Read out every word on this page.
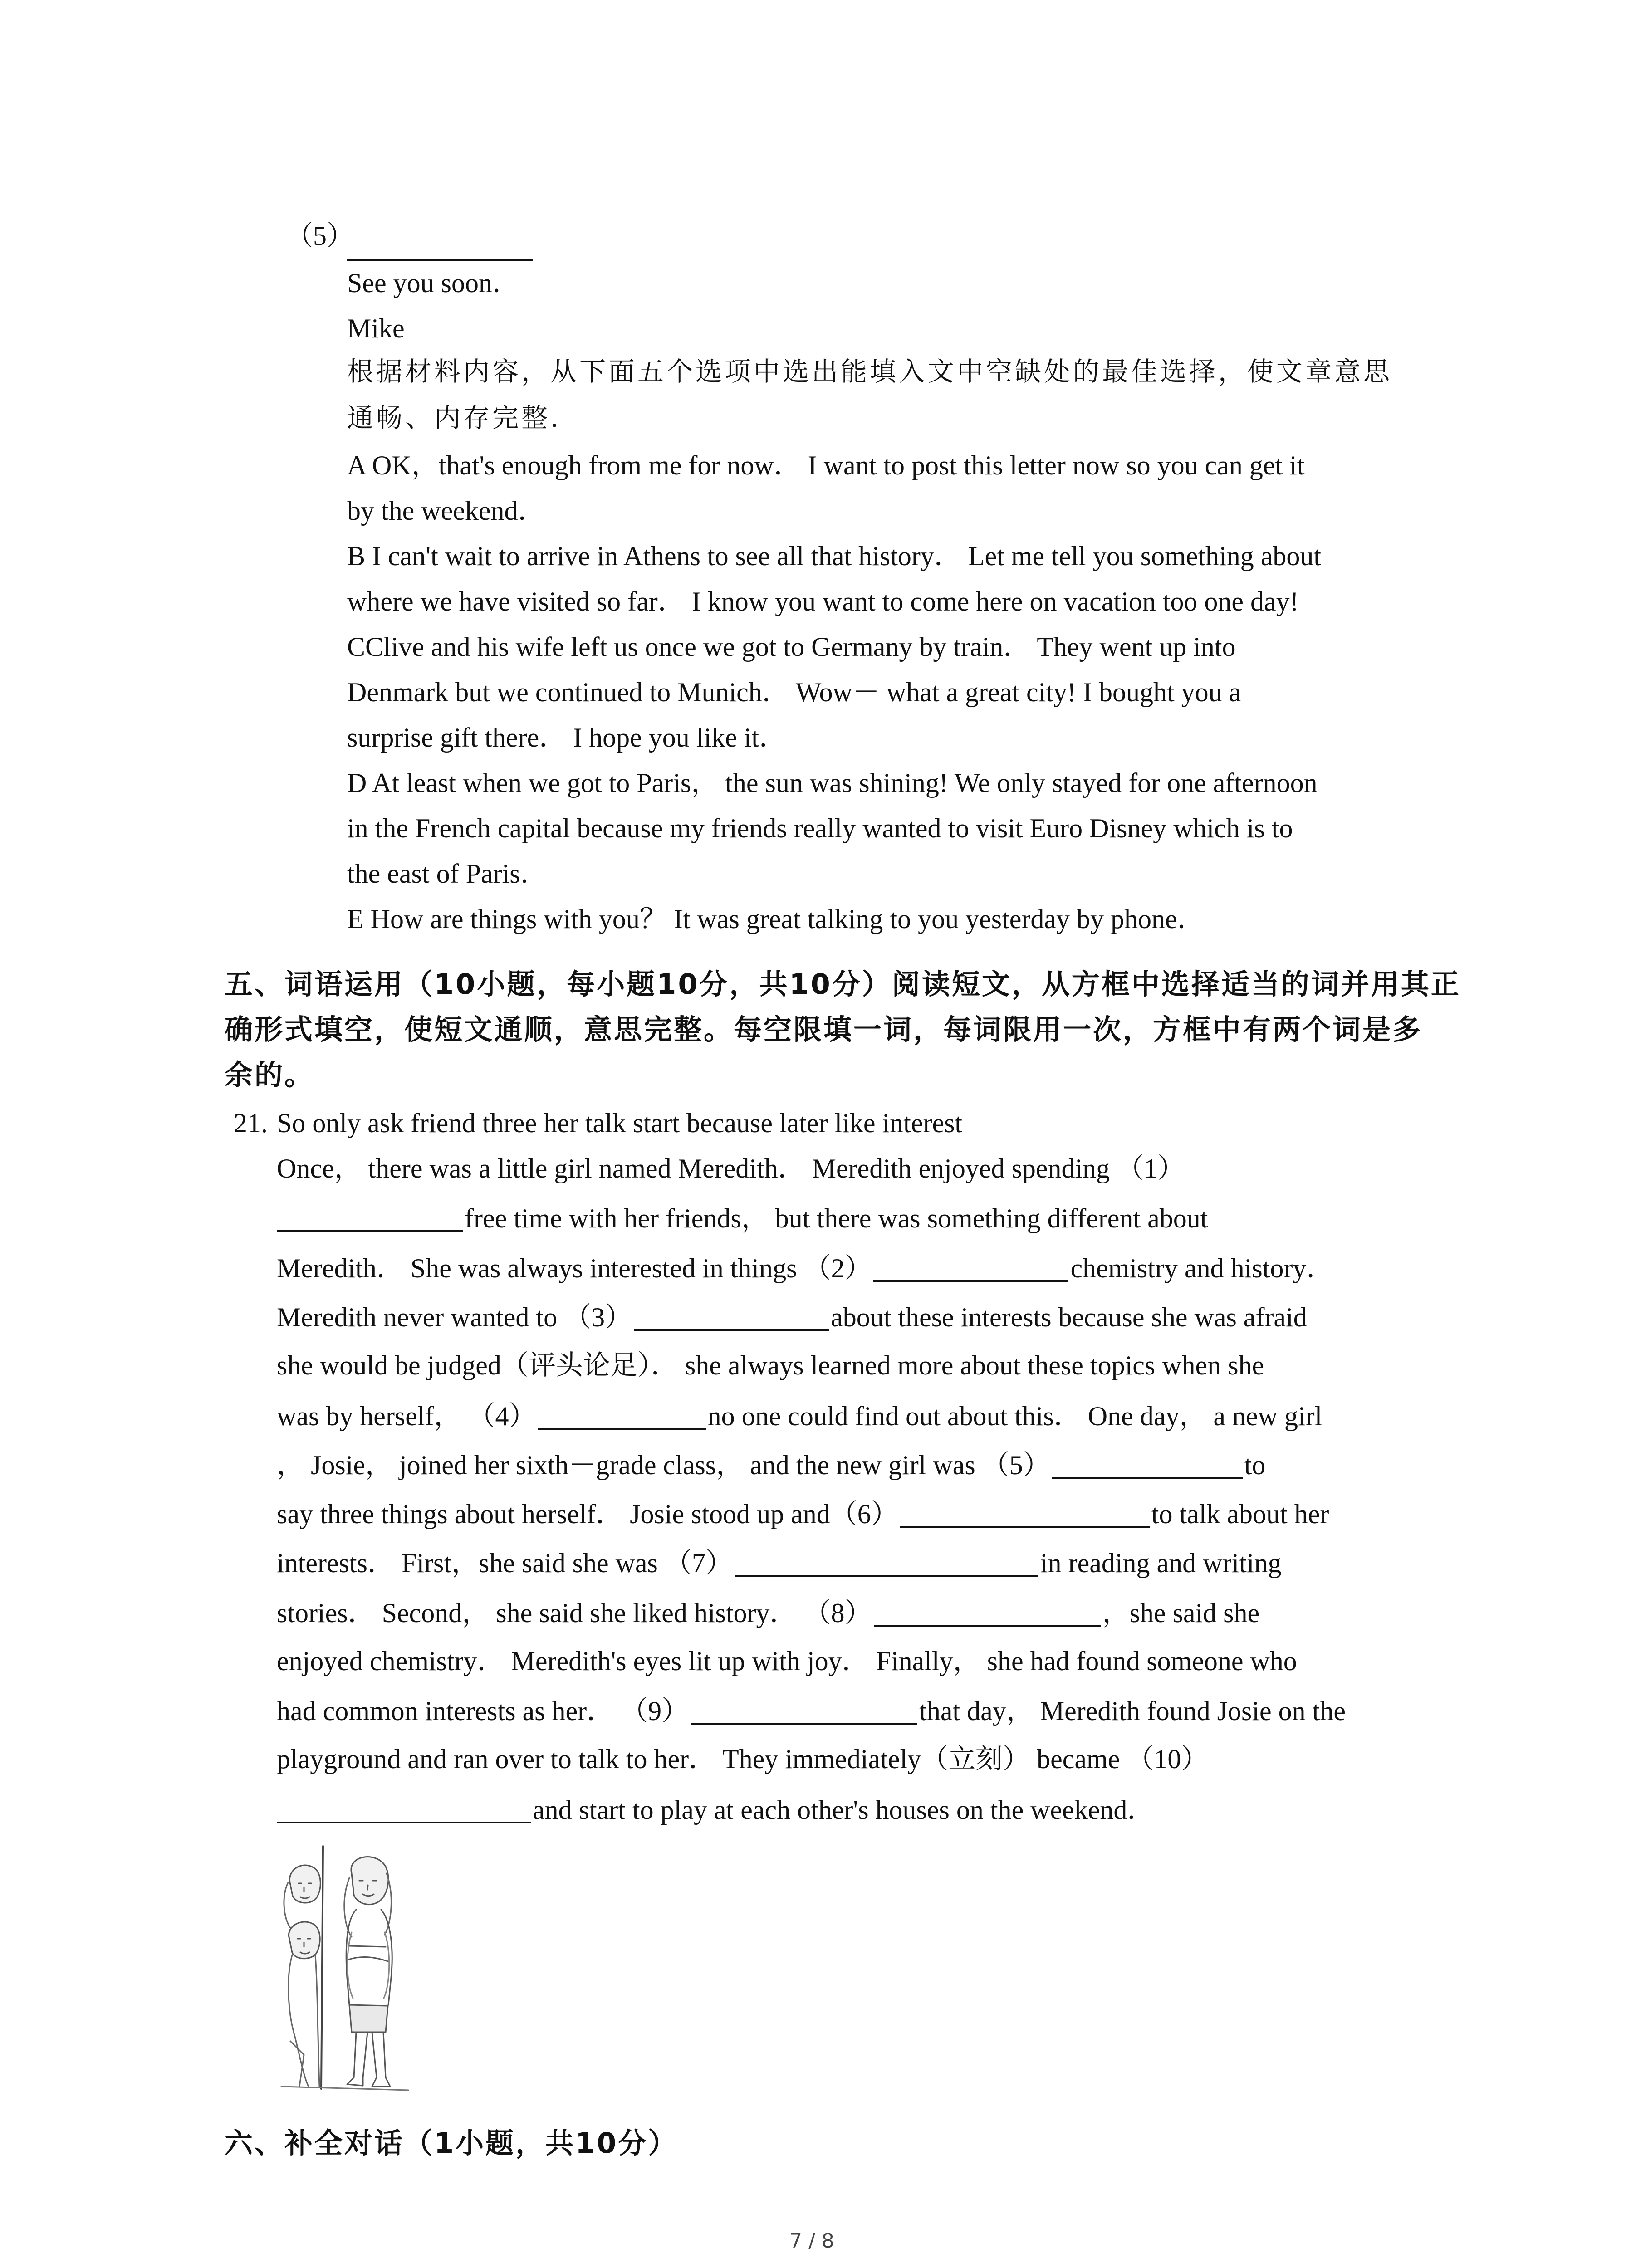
（5）
See you soon．
Mike
根据材料内容，从下面五个选项中选出能填入文中空缺处的最佳选择，使文章意思
通畅、内存完整．
A OK，that's enough from me for now． I want to post this letter now so you can get it
by the weekend．
B I can't wait to arrive in Athens to see all that history． Let me tell you something about
where we have visited so far． I know you want to come here on vacation too one day!
CClive and his wife left us once we got to Germany by train． They went up into
Denmark but we continued to Munich． Wow－ what a great city! I bought you a
surprise gift there． I hope you like it．
D At least when we got to Paris， the sun was shining! We only stayed for one afternoon
in the French capital because my friends really wanted to visit Euro Disney which is to
the east of Paris．
E How are things with you？ It was great talking to you yesterday by phone．
五、词语运用（10小题，每小题10分，共10分）阅读短文，从方框中选择适当的词并用其正
确形式填空，使短文通顺，意思完整。每空限填一词，每词限用一次，方框中有两个词是多
余的。
21. So only ask friend three her talk start because later like interest
Once， there was a little girl named Meredith． Meredith enjoyed spending （1）
free time with her friends， but there was something different about
Meredith． She was always interested in things （2）	chemistry and history．
Meredith never wanted to （3）	about these interests because she was afraid
she would be judged（评头论足）． she always learned more about these topics when she
was by herself， （4）	no one could find out about this． One day， a new girl
， Josie， joined her sixth－grade class， and the new girl was （5）	to
say three things about herself． Josie stood up and（6）	to talk about her
interests． First，she said she was （7）	in reading and writing
stories． Second， she said she liked history． （8）	，she said she
enjoyed chemistry． Meredith's eyes lit up with joy． Finally， she had found someone who
had common interests as her． （9）	that day， Meredith found Josie on the
playground and ran over to talk to her． They immediately（立刻） became （10）
and start to play at each other's houses on the weekend．
六、补全对话（1小题，共10分）
7 / 8
